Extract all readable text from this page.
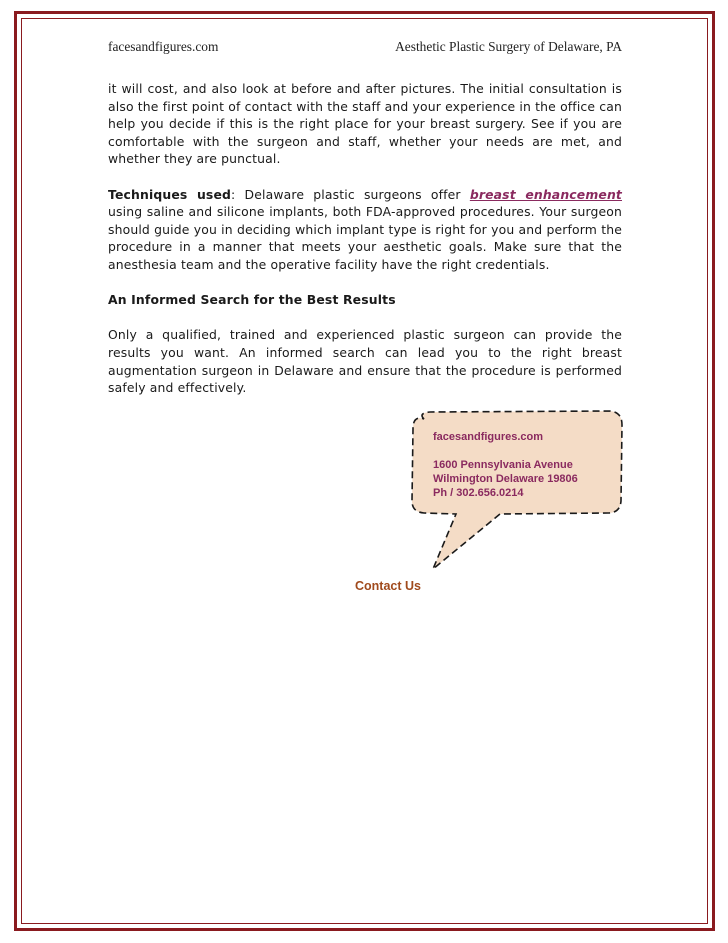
facesandfigures.com	Aesthetic Plastic Surgery of Delaware, PA

it will cost, and also look at before and after pictures. The initial consultation is also the first point of contact with the staff and your experience in the office can help you decide if this is the right place for your breast surgery. See if you are comfortable with the surgeon and staff, whether your needs are met, and whether they are punctual.

Techniques used: Delaware plastic surgeons offer breast enhancement using saline and silicone implants, both FDA-approved procedures. Your surgeon should guide you in deciding which implant type is right for you and perform the procedure in a manner that meets your aesthetic goals. Make sure that the anesthesia team and the operative facility have the right credentials.

An Informed Search for the Best Results

Only a qualified, trained and experienced plastic surgeon can provide the results you want. An informed search can lead you to the right breast augmentation surgeon in Delaware and ensure that the procedure is performed safely and effectively.

facesandfigures.com
1600 Pennsylvania Avenue
Wilmington Delaware 19806
Ph / 302.656.0214
Contact Us
